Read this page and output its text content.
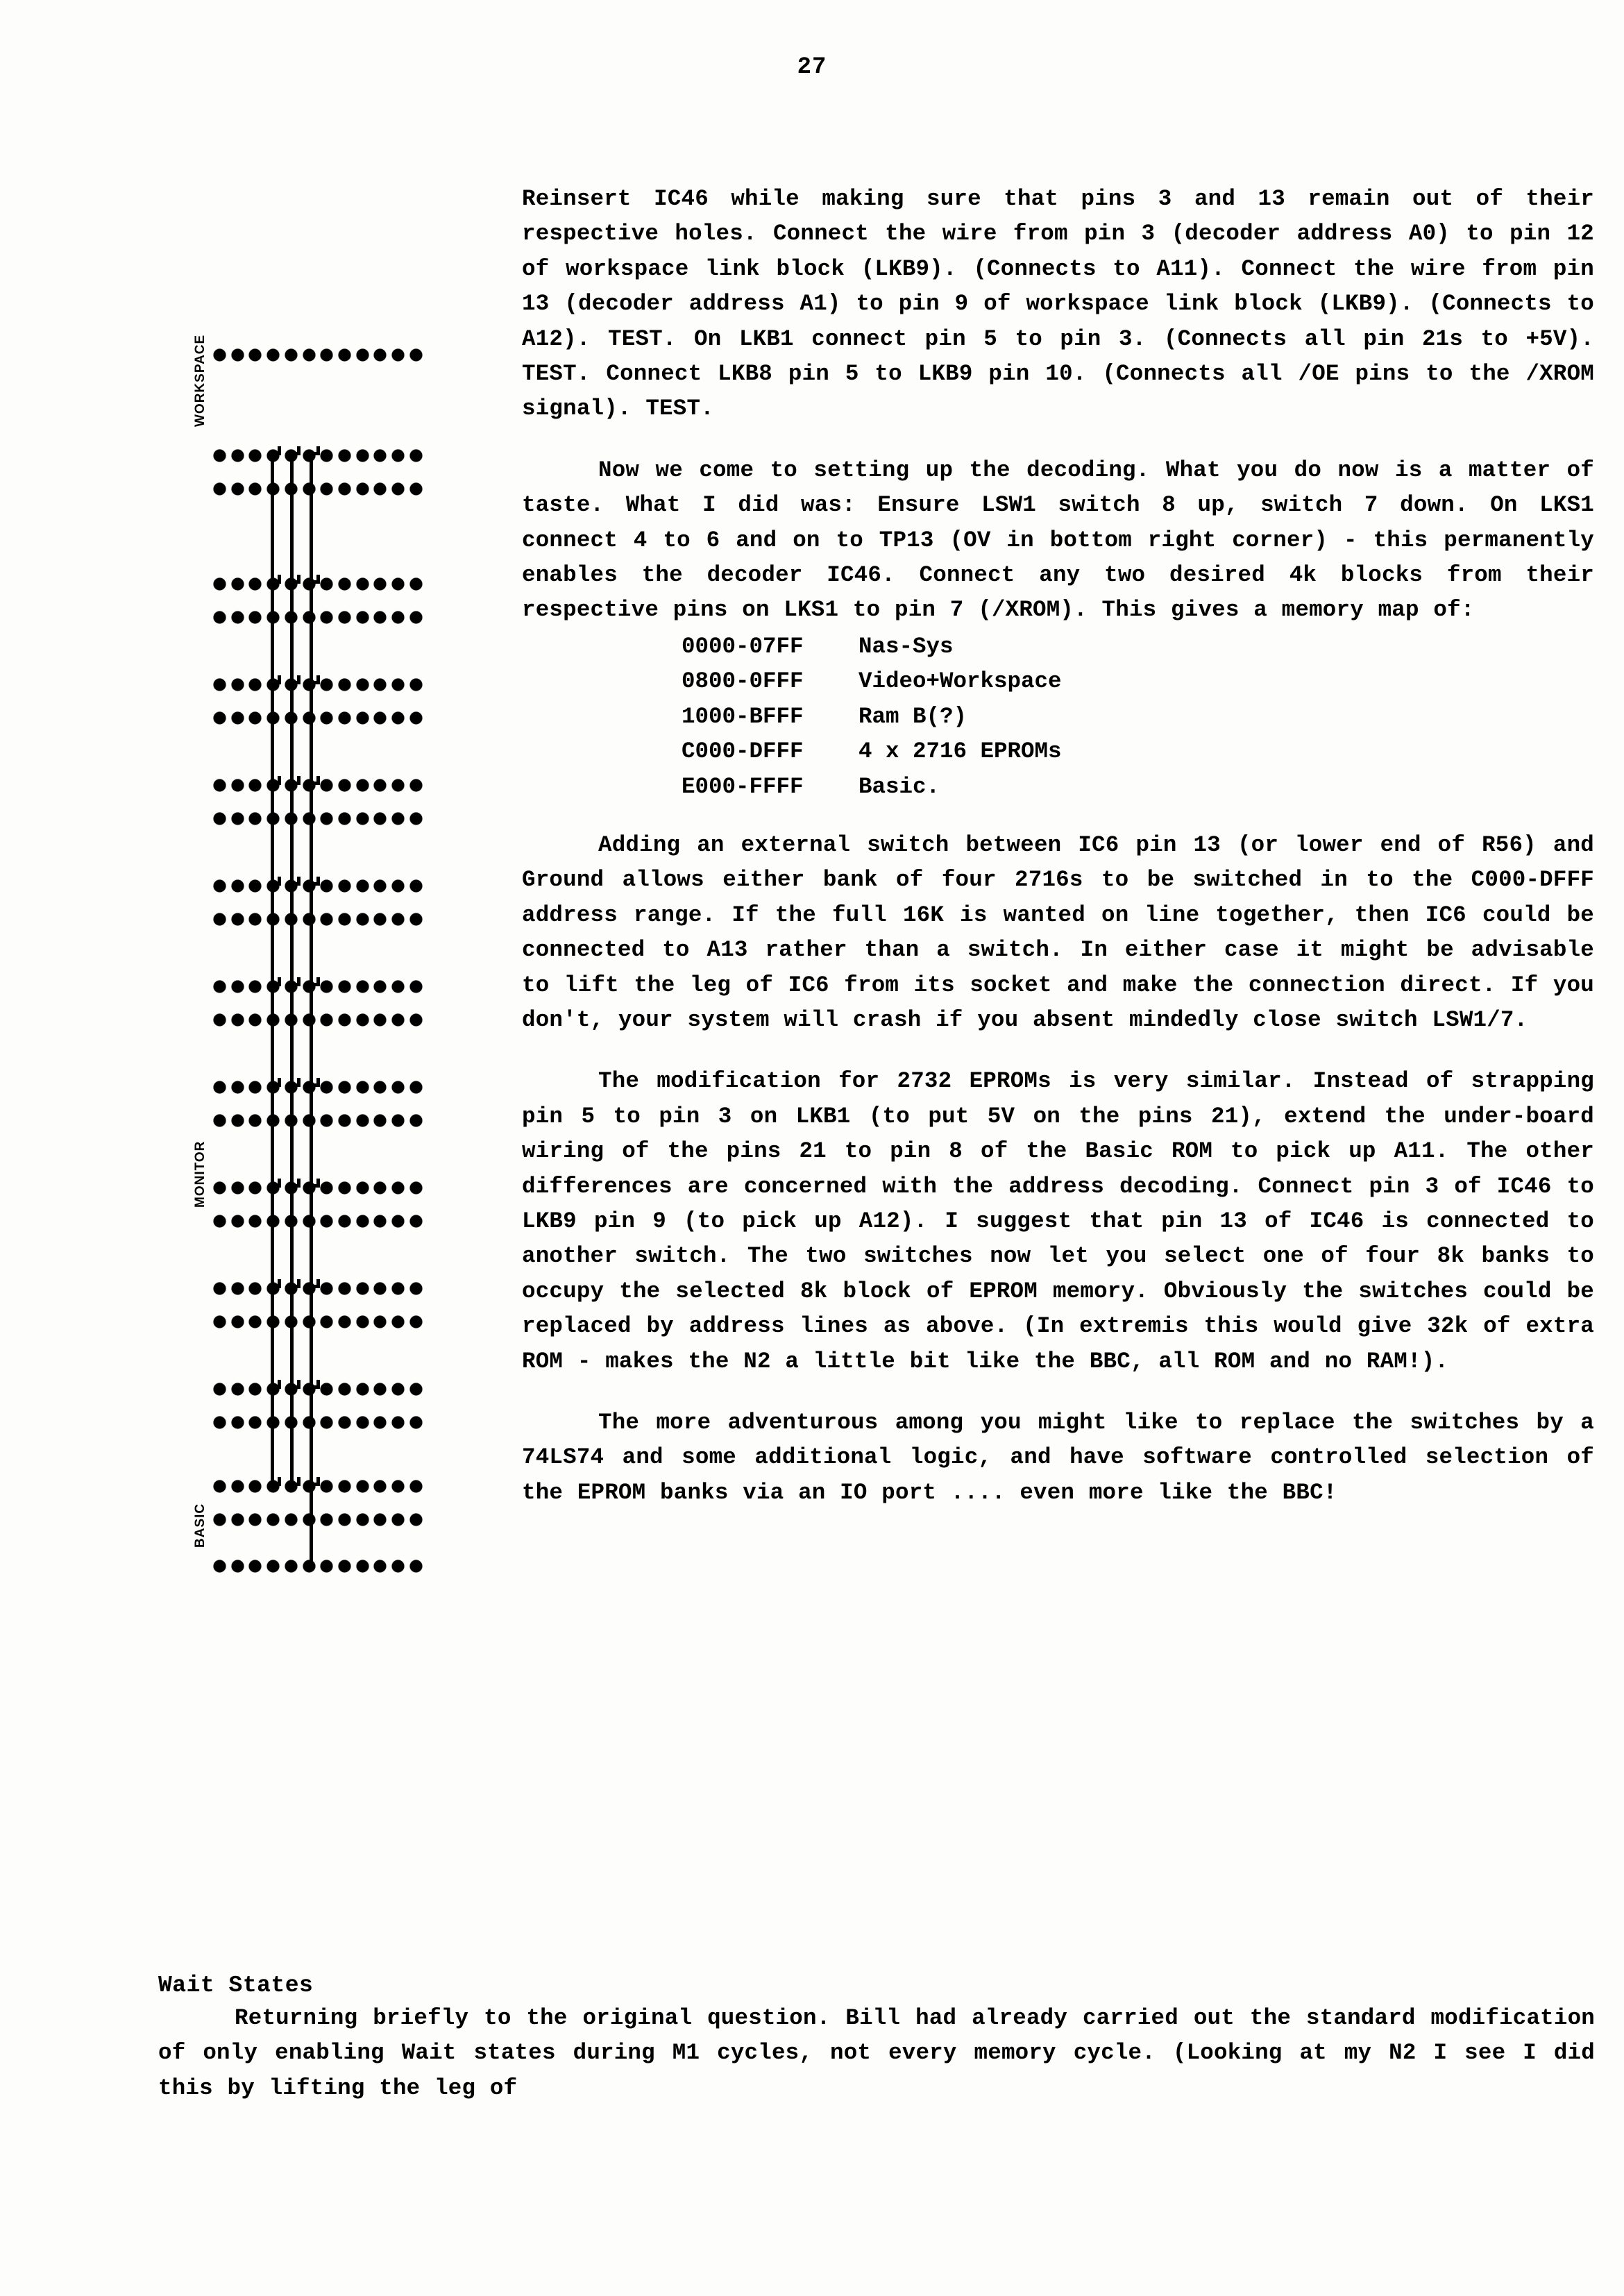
27
WORKSPACE
MONITOR
BASIC

Reinsert IC46 while making sure that pins 3 and 13 remain out of their respective holes. Connect the wire from pin 3 (decoder address A0) to pin 12 of workspace link block (LKB9). (Connects to A11). Connect the wire from pin 13 (decoder address A1) to pin 9 of workspace link block (LKB9). (Connects to A12). TEST. On LKB1 connect pin 5 to pin 3. (Connects all pin 21s to +5V). TEST. Connect LKB8 pin 5 to LKB9 pin 10. (Connects all /OE pins to the /XROM signal). TEST.

Now we come to setting up the decoding. What you do now is a matter of taste. What I did was: Ensure LSW1 switch 8 up, switch 7 down. On LKS1 connect 4 to 6 and on to TP13 (OV in bottom right corner) - this permanently enables the decoder IC46. Connect any two desired 4k blocks from their respective pins on LKS1 to pin 7 (/XROM). This gives a memory map of:

0000-07FF Nas-Sys
0800-0FFF Video+Workspace
1000-BFFF Ram B(?)
C000-DFFF 4 x 2716 EPROMs
E000-FFFF Basic.

Adding an external switch between IC6 pin 13 (or lower end of R56) and Ground allows either bank of four 2716s to be switched in to the C000-DFFF address range. If the full 16K is wanted on line together, then IC6 could be connected to A13 rather than a switch. In either case it might be advisable to lift the leg of IC6 from its socket and make the connection direct. If you don't, your system will crash if you absent mindedly close switch LSW1/7.

The modification for 2732 EPROMs is very similar. Instead of strapping pin 5 to pin 3 on LKB1 (to put 5V on the pins 21), extend the under-board wiring of the pins 21 to pin 8 of the Basic ROM to pick up A11. The other differences are concerned with the address decoding. Connect pin 3 of IC46 to LKB9 pin 9 (to pick up A12). I suggest that pin 13 of IC46 is connected to another switch. The two switches now let you select one of four 8k banks to occupy the selected 8k block of EPROM memory. Obviously the switches could be replaced by address lines as above. (In extremis this would give 32k of extra ROM - makes the N2 a little bit like the BBC, all ROM and no RAM!).

The more adventurous among you might like to replace the switches by a 74LS74 and some additional logic, and have software controlled selection of the EPROM banks via an IO port .... even more like the BBC!

Wait States

Returning briefly to the original question. Bill had already carried out the standard modification of only enabling Wait states during M1 cycles, not every memory cycle. (Looking at my N2 I see I did this by lifting the leg of
